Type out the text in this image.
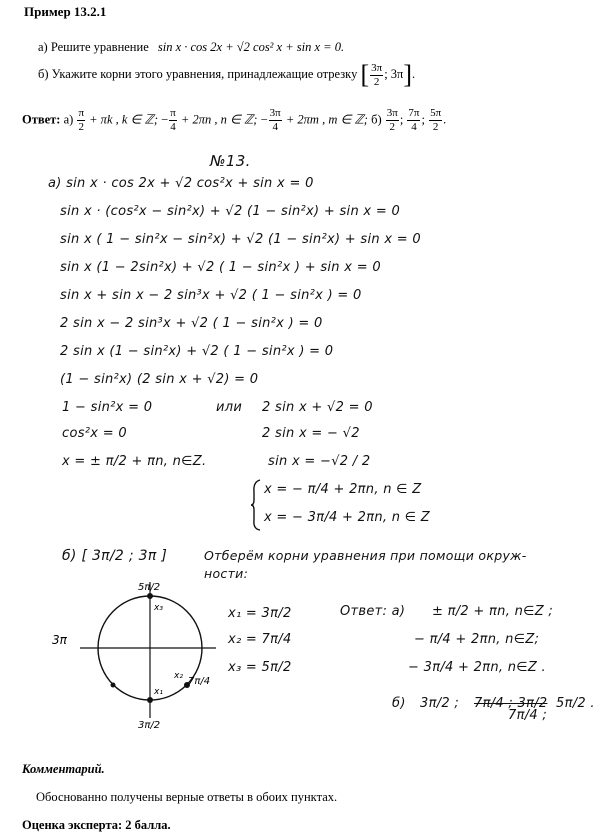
Пример 13.2.1
а) Решите уравнение sin x · cos 2x + √2 cos² x + sin x = 0.
б) Укажите корни этого уравнения, принадлежащие отрезку [ $\frac{3\pi}{2}$ ; 3π].
Ответ: $а) \frac{\pi}{2} + \pi k$ , k ∈ ℤ; − $\frac{\pi}{4} + 2\pi n$ , n ∈ ℤ; − $\frac{3\pi}{4} + 2\pi m$ , m ∈ ℤ; $б) \frac{3\pi}{2}$ ; $\frac{7\pi}{4}$ ; $\frac{5\pi}{2}$ .
№13.
а) sin x · cos 2x + √2 cos²x + sin x = 0
sin x · (cos²x − sin²x) + √2 (1 − sin²x) + sin x = 0
sin x ( 1 − sin²x − sin²x) + √2 (1 − sin²x) + sin x = 0
sin x (1 − 2sin²x) + √2 ( 1 − sin²x ) + sin x = 0
sin x + sin x − 2 sin³x + √2 ( 1 − sin²x ) = 0
2 sin x − 2 sin³x + √2 ( 1 − sin²x ) = 0
2 sin x (1 − sin²x) + √2 ( 1 − sin²x ) = 0
(1 − sin²x) (2 sin x + √2) = 0
1 − sin²x = 0
cos²x = 0
x = ± π/2 + πn, n∈Z.
или 2 sin x + √2 = 0
2 sin x = − √2
sin x = −√2 / 2
x = − π/4 + 2πn, n ∈ Z
x = − 3π/4 + 2πn, n ∈ Z
б) [ 3π/2 ; 3π ]	Отберём корни уравнения при помощи окруж-
ности:
5π/2
3π
3π/2
7π/4
x₃
x₁
x₂
x₁ = 3π/2
x₂ = 7π/4
x₃ = 5π/2
Ответ: а) ± π/2 + πn, n∈Z ;
− π/4 + 2πn, n∈Z;
− 3π/4 + 2πn, n∈Z .
б) 3π/2 ; 7π/4 ; 3π/2
7π/4 ;
5π/2 .
Комментарий.
Обоснованно получены верные ответы в обоих пунктах.
Оценка эксперта: 2 балла.
